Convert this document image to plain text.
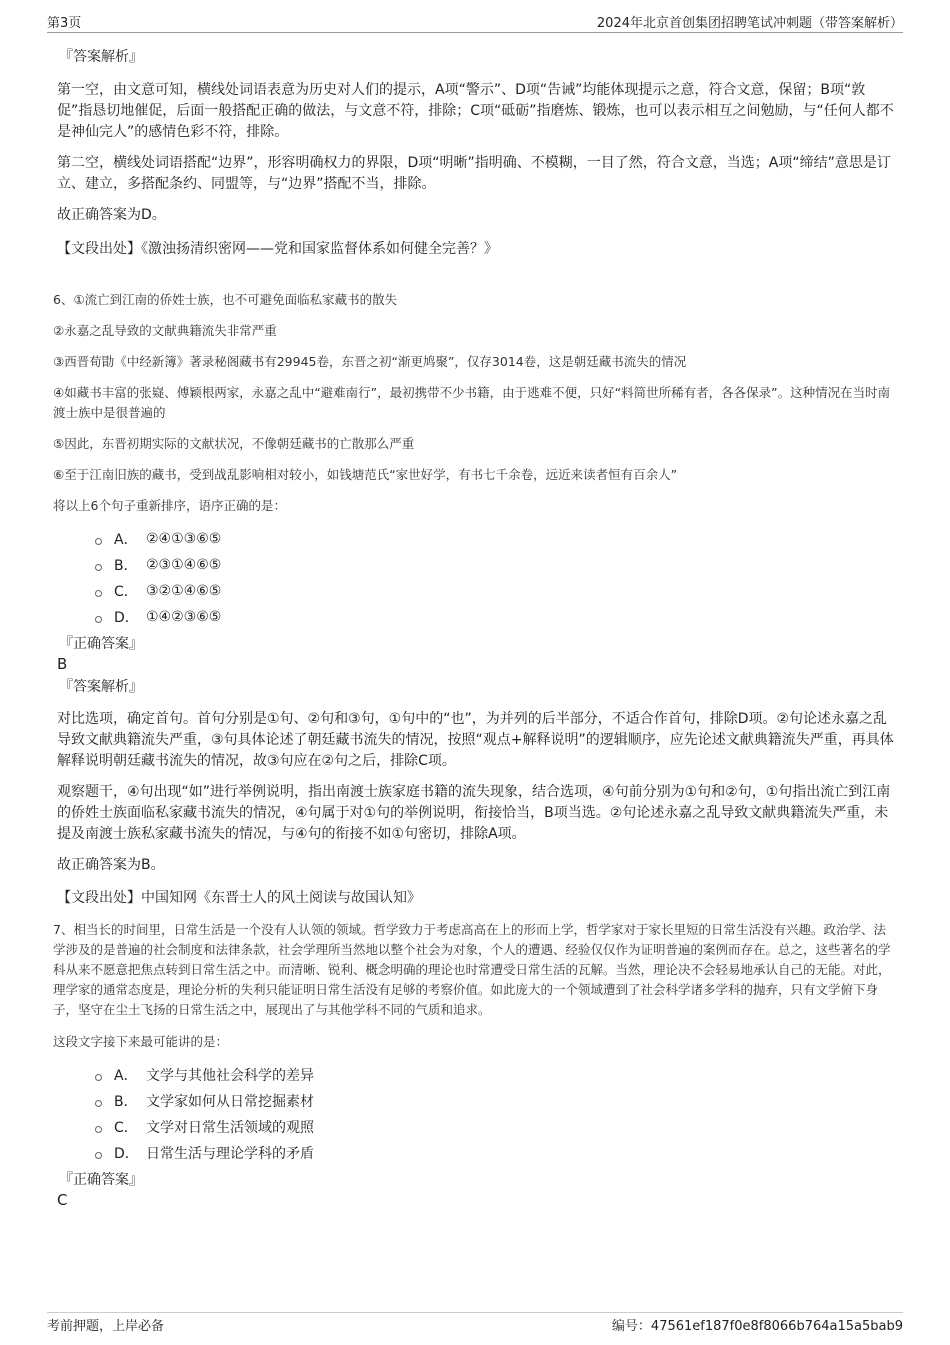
第3页	2024年北京首创集团招聘笔试冲刺题（带答案解析）

『答案解析』

第一空，由文意可知，横线处词语表意为历史对人们的提示，A项“警示”、D项“告诫”均能体现提示之意，符合文意，保留；B项“敦促”指恳切地催促，后面一般搭配正确的做法，与文意不符，排除；C项“砥砺”指磨炼、锻炼，也可以表示相互之间勉励，与“任何人都不是神仙完人”的感情色彩不符，排除。

第二空，横线处词语搭配“边界”，形容明确权力的界限，D项“明晰”指明确、不模糊，一目了然，符合文意，当选；A项“缔结”意思是订立、建立，多搭配条约、同盟等，与“边界”搭配不当，排除。

故正确答案为D。

【文段出处】《激浊扬清织密网——党和国家监督体系如何健全完善？》

6、①流亡到江南的侨姓士族，也不可避免面临私家藏书的散失

②永嘉之乱导致的文献典籍流失非常严重

③西晋荀勖《中经新簿》著录秘阁藏书有29945卷，东晋之初“渐更鸠聚”，仅存3014卷，这是朝廷藏书流失的情况

④如藏书丰富的张嶷、傅颖根两家，永嘉之乱中“避难南行”，最初携带不少书籍，由于逃难不便，只好“料简世所稀有者，各各保录”。这种情况在当时南渡士族中是很普遍的

⑤因此，东晋初期实际的文献状况，不像朝廷藏书的亡散那么严重

⑥至于江南旧族的藏书，受到战乱影响相对较小，如钱塘范氏“家世好学，有书七千余卷，远近来读者恒有百余人”

将以上6个句子重新排序，语序正确的是：

A． ②④①③⑥⑤
B． ②③①④⑥⑤
C． ③②①④⑥⑤
D． ①④②③⑥⑤

『正确答案』

B

『答案解析』

对比选项，确定首句。首句分别是①句、②句和③句，①句中的“也”，为并列的后半部分，不适合作首句，排除D项。②句论述永嘉之乱导致文献典籍流失严重，③句具体论述了朝廷藏书流失的情况，按照“观点+解释说明”的逻辑顺序，应先论述文献典籍流失严重，再具体解释说明朝廷藏书流失的情况，故③句应在②句之后，排除C项。

观察题干，④句出现“如”进行举例说明，指出南渡士族家庭书籍的流失现象，结合选项，④句前分别为①句和②句，①句指出流亡到江南的侨姓士族面临私家藏书流失的情况，④句属于对①句的举例说明，衔接恰当，B项当选。②句论述永嘉之乱导致文献典籍流失严重，未提及南渡士族私家藏书流失的情况，与④句的衔接不如①句密切，排除A项。

故正确答案为B。

【文段出处】中国知网《东晋士人的风土阅读与故国认知》

7、相当长的时间里，日常生活是一个没有人认领的领域。哲学致力于考虑高高在上的形而上学，哲学家对于家长里短的日常生活没有兴趣。政治学、法学涉及的是普遍的社会制度和法律条款，社会学理所当然地以整个社会为对象，个人的遭遇、经验仅仅作为证明普遍的案例而存在。总之，这些著名的学科从来不愿意把焦点转到日常生活之中。而清晰、锐利、概念明确的理论也时常遭受日常生活的瓦解。当然，理论决不会轻易地承认自己的无能。对此，理学家的通常态度是，理论分析的失利只能证明日常生活没有足够的考察价值。如此庞大的一个领域遭到了社会科学诸多学科的抛弃，只有文学俯下身子，坚守在尘土飞扬的日常生活之中，展现出了与其他学科不同的气质和追求。

这段文字接下来最可能讲的是：

A． 文学与其他社会科学的差异
B． 文学家如何从日常挖掘素材
C． 文学对日常生活领域的观照
D． 日常生活与理论学科的矛盾

『正确答案』

C

考前押题，上岸必备	编号：47561ef187f0e8f8066b764a15a5bab9
